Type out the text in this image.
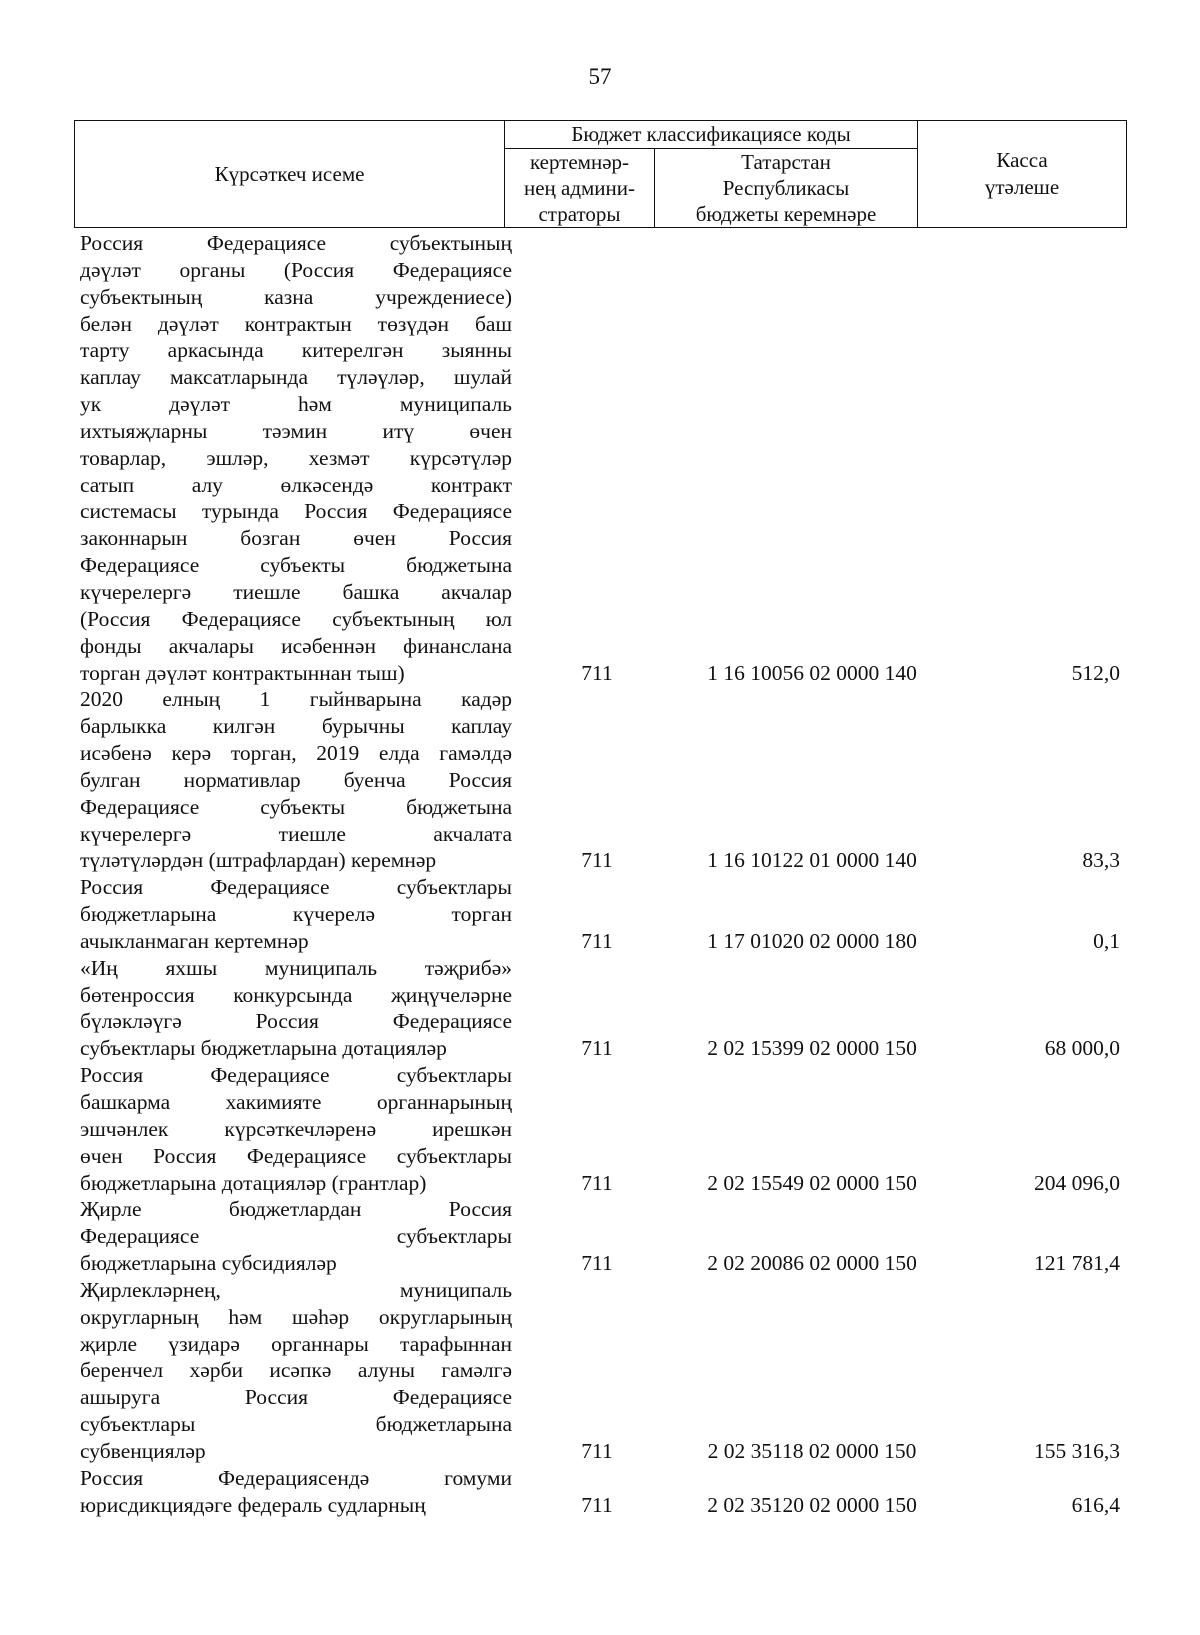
57
Күрсәткеч исеме	Бюджет классификациясе коды		Касса
үтәлеше
	кертемнәр-
нең админи-
страторы	Татарстан
Республикасы
бюджеты керемнәре	
Россия Федерациясе субъектының
дәүләт органы (Россия Федерациясе
субъектының казна учреждениесе)
белән дәүләт контрактын төзүдән баш
тарту аркасында китерелгән зыянны
каплау максатларында түләүләр, шулай
ук дәүләт һәм муниципаль
ихтыяҗларны тәэмин итү өчен
товарлар, эшләр, хезмәт күрсәтүләр
сатып алу өлкәсендә контракт
системасы турында Россия Федерациясе
законнарын бозган өчен Россия
Федерациясе субъекты бюджетына
күчерелергә тиешле башка акчалар
(Россия Федерациясе субъектының юл
фонды акчалары исәбеннән финанслана
торган дәүләт контрактыннан тыш)	711	1 16 10056 02 0000 140	512,0
2020 елның 1 гыйнварына кадәр
барлыкка килгән бурычны каплау
исәбенә керә торган, 2019 елда гамәлдә
булган нормативлар буенча Россия
Федерациясе субъекты бюджетына
күчерелергә тиешле акчалата
түләтүләрдән (штрафлардан) керемнәр	711	1 16 10122 01 0000 140	83,3
Россия Федерациясе субъектлары
бюджетларына күчерелә торган
ачыкланмаган кертемнәр	711	1 17 01020 02 0000 180	0,1
«Иң яхшы муниципаль тәҗрибә»
бөтенроссия конкурсында җиңүчеләрне
бүләкләүгә Россия Федерациясе
субъектлары бюджетларына дотацияләр	711	2 02 15399 02 0000 150	68 000,0
Россия Федерациясе субъектлары
башкарма хакимияте органнарының
эшчәнлек күрсәткечләренә ирешкән
өчен Россия Федерациясе субъектлары
бюджетларына дотацияләр (грантлар)	711	2 02 15549 02 0000 150	204 096,0
Җирле бюджетлардан Россия
Федерациясе субъектлары
бюджетларына субсидияләр	711	2 02 20086 02 0000 150	121 781,4
Җирлекләрнең, муниципаль
округларның һәм шәһәр округларының
җирле үзидарә органнары тарафыннан
беренчел хәрби исәпкә алуны гамәлгә
ашыруга Россия Федерациясе
субъектлары бюджетларына
субвенцияләр	711	2 02 35118 02 0000 150	155 316,3
Россия Федерациясендә гомуми
юрисдикциядәге федераль судларның	711	2 02 35120 02 0000 150	616,4
